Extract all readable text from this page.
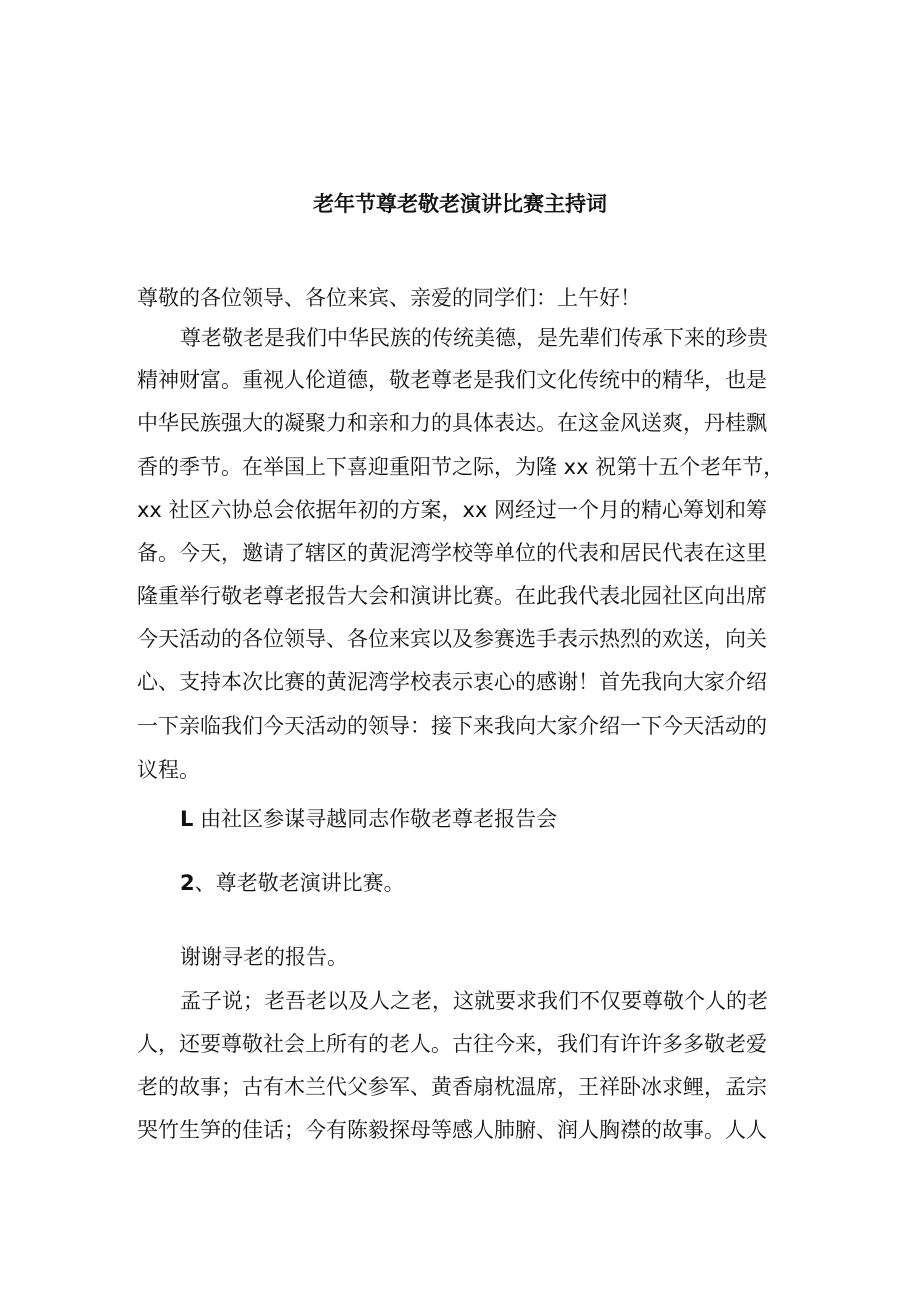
老年节尊老敬老演讲比赛主持词

尊敬的各位领导、各位来宾、亲爱的同学们：上午好！

尊老敬老是我们中华民族的传统美德，是先辈们传承下来的珍贵

精神财富。重视人伦道德，敬老尊老是我们文化传统中的精华，也是

中华民族强大的凝聚力和亲和力的具体表达。在这金风送爽，丹桂飘

香的季节。在举国上下喜迎重阳节之际，为隆 xx 祝第十五个老年节，

xx 社区六协总会依据年初的方案，xx 网经过一个月的精心筹划和筹

备。今天，邀请了辖区的黄泥湾学校等单位的代表和居民代表在这里

隆重举行敬老尊老报告大会和演讲比赛。在此我代表北园社区向出席

今天活动的各位领导、各位来宾以及参赛选手表示热烈的欢送，向关

心、支持本次比赛的黄泥湾学校表示衷心的感谢！首先我向大家介绍

一下亲临我们今天活动的领导：接下来我向大家介绍一下今天活动的

议程。

L 由社区参谋寻越同志作敬老尊老报告会

2、尊老敬老演讲比赛。

谢谢寻老的报告。

孟子说；老吾老以及人之老，这就要求我们不仅要尊敬个人的老

人，还要尊敬社会上所有的老人。古往今来，我们有许许多多敬老爱

老的故事；古有木兰代父参军、黄香扇枕温席，王祥卧冰求鲤，孟宗

哭竹生笋的佳话；今有陈毅探母等感人肺腑、润人胸襟的故事。人人
